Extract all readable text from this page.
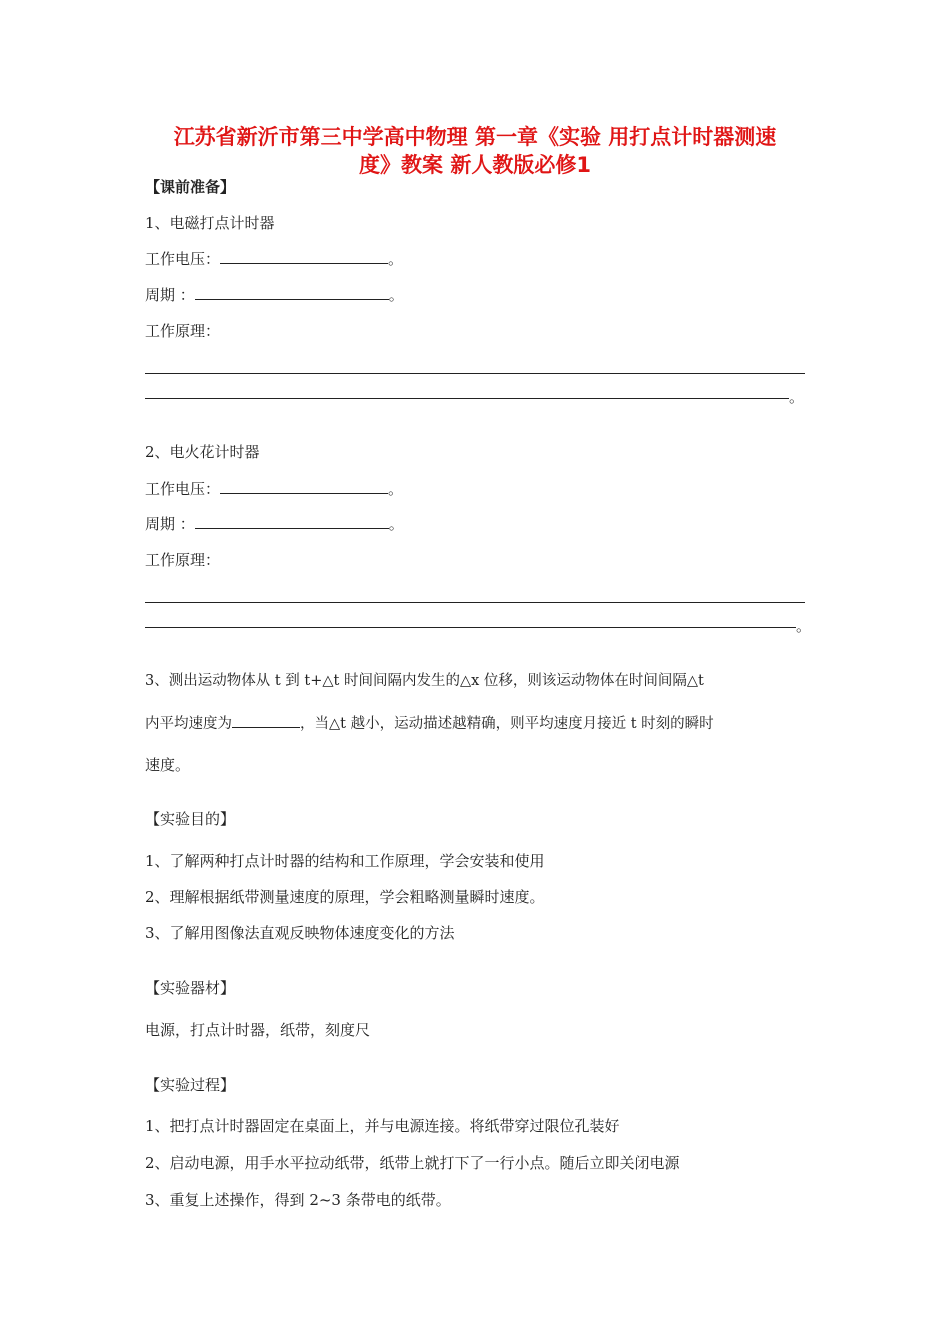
江苏省新沂市第三中学高中物理 第一章《实验 用打点计时器测速
度》教案 新人教版必修1
【课前准备】
1、电磁打点计时器
工作电压：	。
周期 ：	。
工作原理：
。
2、电火花计时器
工作电压：	。
周期 ：	。
工作原理：
。
3、测出运动物体从 t 到 t+△t 时间间隔内发生的△x 位移，则该运动物体在时间间隔△t
内平均速度为	，当△t 越小，运动描述越精确，则平均速度月接近 t 时刻的瞬时
速度。
【实验目的】
1、了解两种打点计时器的结构和工作原理，学会安装和使用
2、理解根据纸带测量速度的原理，学会粗略测量瞬时速度。
3、了解用图像法直观反映物体速度变化的方法
【实验器材】
电源，打点计时器，纸带，刻度尺
【实验过程】
1、把打点计时器固定在桌面上，并与电源连接。将纸带穿过限位孔装好
2、启动电源，用手水平拉动纸带，纸带上就打下了一行小点。随后立即关闭电源
3、重复上述操作，得到 2~3 条带电的纸带。
